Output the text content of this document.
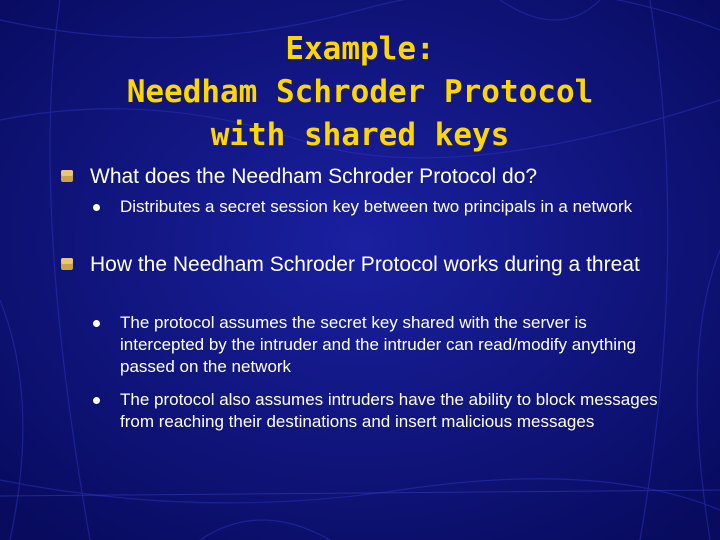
Example:
Needham Schroder Protocol
with shared keys
What does the Needham Schroder Protocol do?
Distributes a secret session key between two principals in a network
How the Needham Schroder Protocol works during a threat
The protocol assumes the secret key shared with the server is intercepted by the intruder and the intruder can read/modify anything passed on the network
The protocol also assumes intruders have the ability to block messages from reaching their destinations and insert malicious messages
